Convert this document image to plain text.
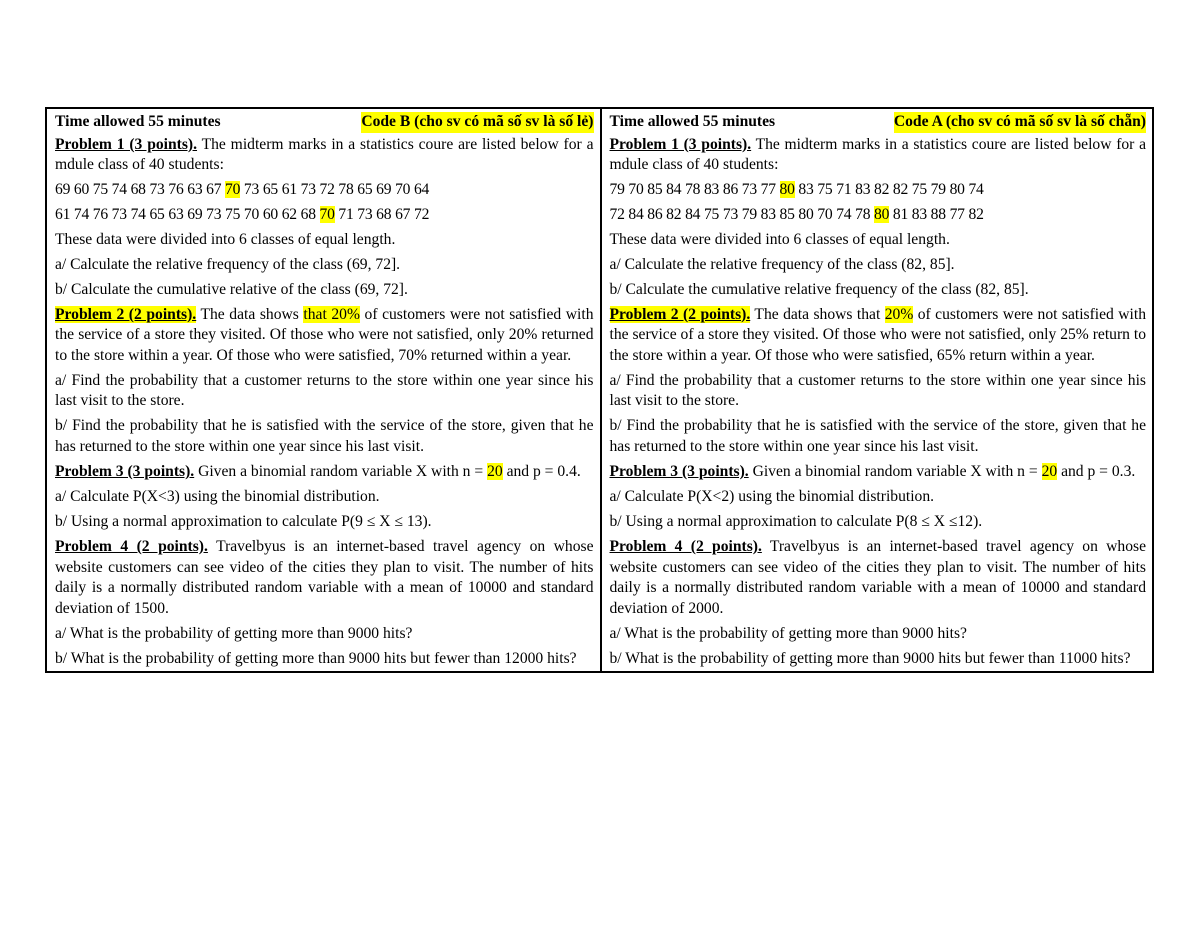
Time allowed 55 minutes	Code B (cho sv có mã số sv là số lẻ)
Problem 1 (3 points). The midterm marks in a statistics coure are listed below for a mdule class of 40 students:
69 60 75 74 68 73 76 63 67 70 73 65 61 73 72 78 65 69 70 64
61 74 76 73 74 65 63 69 73 75 70 60 62 68 70 71 73 68 67 72
These data were divided into 6 classes of equal length.
a/ Calculate the relative frequency of the class (69, 72].
b/ Calculate the cumulative relative of the class (69, 72].
Problem 2 (2 points). The data shows that 20% of customers were not satisfied with the service of a store they visited. Of those who were not satisfied, only 20% returned to the store within a year. Of those who were satisfied, 70% returned within a year.
a/ Find the probability that a customer returns to the store within one year since his last visit to the store.
b/ Find the probability that he is satisfied with the service of the store, given that he has returned to the store within one year since his last visit.
Problem 3 (3 points). Given a binomial random variable X with n = 20 and p = 0.4.
a/ Calculate P(X<3) using the binomial distribution.
b/ Using a normal approximation to calculate P(9 ≤ X ≤ 13).
Problem 4 (2 points). Travelbyus is an internet-based travel agency on whose website customers can see video of the cities they plan to visit. The number of hits daily is a normally distributed random variable with a mean of 10000 and standard deviation of 1500.
a/ What is the probability of getting more than 9000 hits?
b/ What is the probability of getting more than 9000 hits but fewer than 12000 hits?
Time allowed 55 minutes	Code A (cho sv có mã số sv là số chẵn)
Problem 1 (3 points). The midterm marks in a statistics coure are listed below for a mdule class of 40 students:
79 70 85 84 78 83 86 73 77 80 83 75 71 83 82 82 75 79 80 74
72 84 86 82 84 75 73 79 83 85 80 70 74 78 80 81 83 88 77 82
These data were divided into 6 classes of equal length.
a/ Calculate the relative frequency of the class (82, 85].
b/ Calculate the cumulative relative frequency of the class (82, 85].
Problem 2 (2 points). The data shows that 20% of customers were not satisfied with the service of a store they visited. Of those who were not satisfied, only 25% return to the store within a year. Of those who were satisfied, 65% return within a year.
a/ Find the probability that a customer returns to the store within one year since his last visit to the store.
b/ Find the probability that he is satisfied with the service of the store, given that he has returned to the store within one year since his last visit.
Problem 3 (3 points). Given a binomial random variable X with n = 20 and p = 0.3.
a/ Calculate P(X<2) using the binomial distribution.
b/ Using a normal approximation to calculate P(8 ≤ X ≤12).
Problem 4 (2 points). Travelbyus is an internet-based travel agency on whose website customers can see video of the cities they plan to visit. The number of hits daily is a normally distributed random variable with a mean of 10000 and standard deviation of 2000.
a/ What is the probability of getting more than 9000 hits?
b/ What is the probability of getting more than 9000 hits but fewer than 11000 hits?
